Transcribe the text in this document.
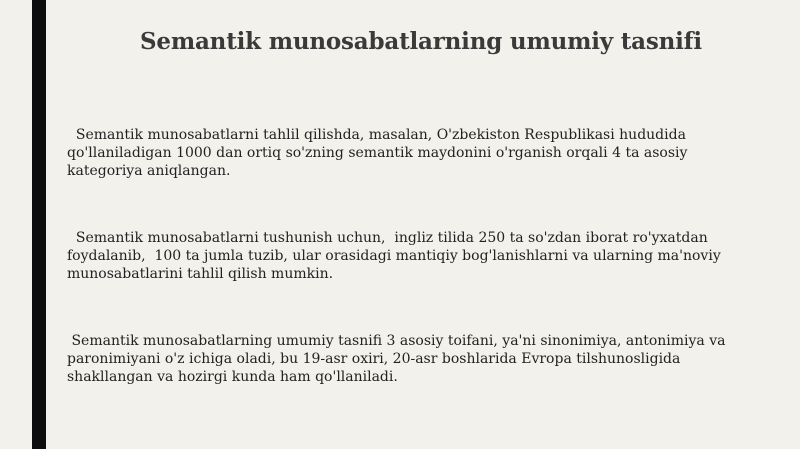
Semantik munosabatlarning umumiy tasnifi
Semantik munosabatlarni tahlil qilishda, masalan, O'zbekiston Respublikasi hududida qo'llaniladigan 1000 dan ortiq so'zning semantik maydonini o'rganish orqali 4 ta asosiy kategoriya aniqlangan.
Semantik munosabatlarni tushunish uchun,  ingliz tilida 250 ta so'zdan iborat ro'yxatdan foydalanib,  100 ta jumla tuzib, ular orasidagi mantiqiy bog'lanishlarni va ularning ma'noviy munosabatlarini tahlil qilish mumkin.
Semantik munosabatlarning umumiy tasnifi 3 asosiy toifani, ya'ni sinonimiya, antonimiya va paronimiyani o'z ichiga oladi, bu 19-asr oxiri, 20-asr boshlarida Evropa tilshunosligida shakllangan va hozirgi kunda ham qo'llaniladi.
